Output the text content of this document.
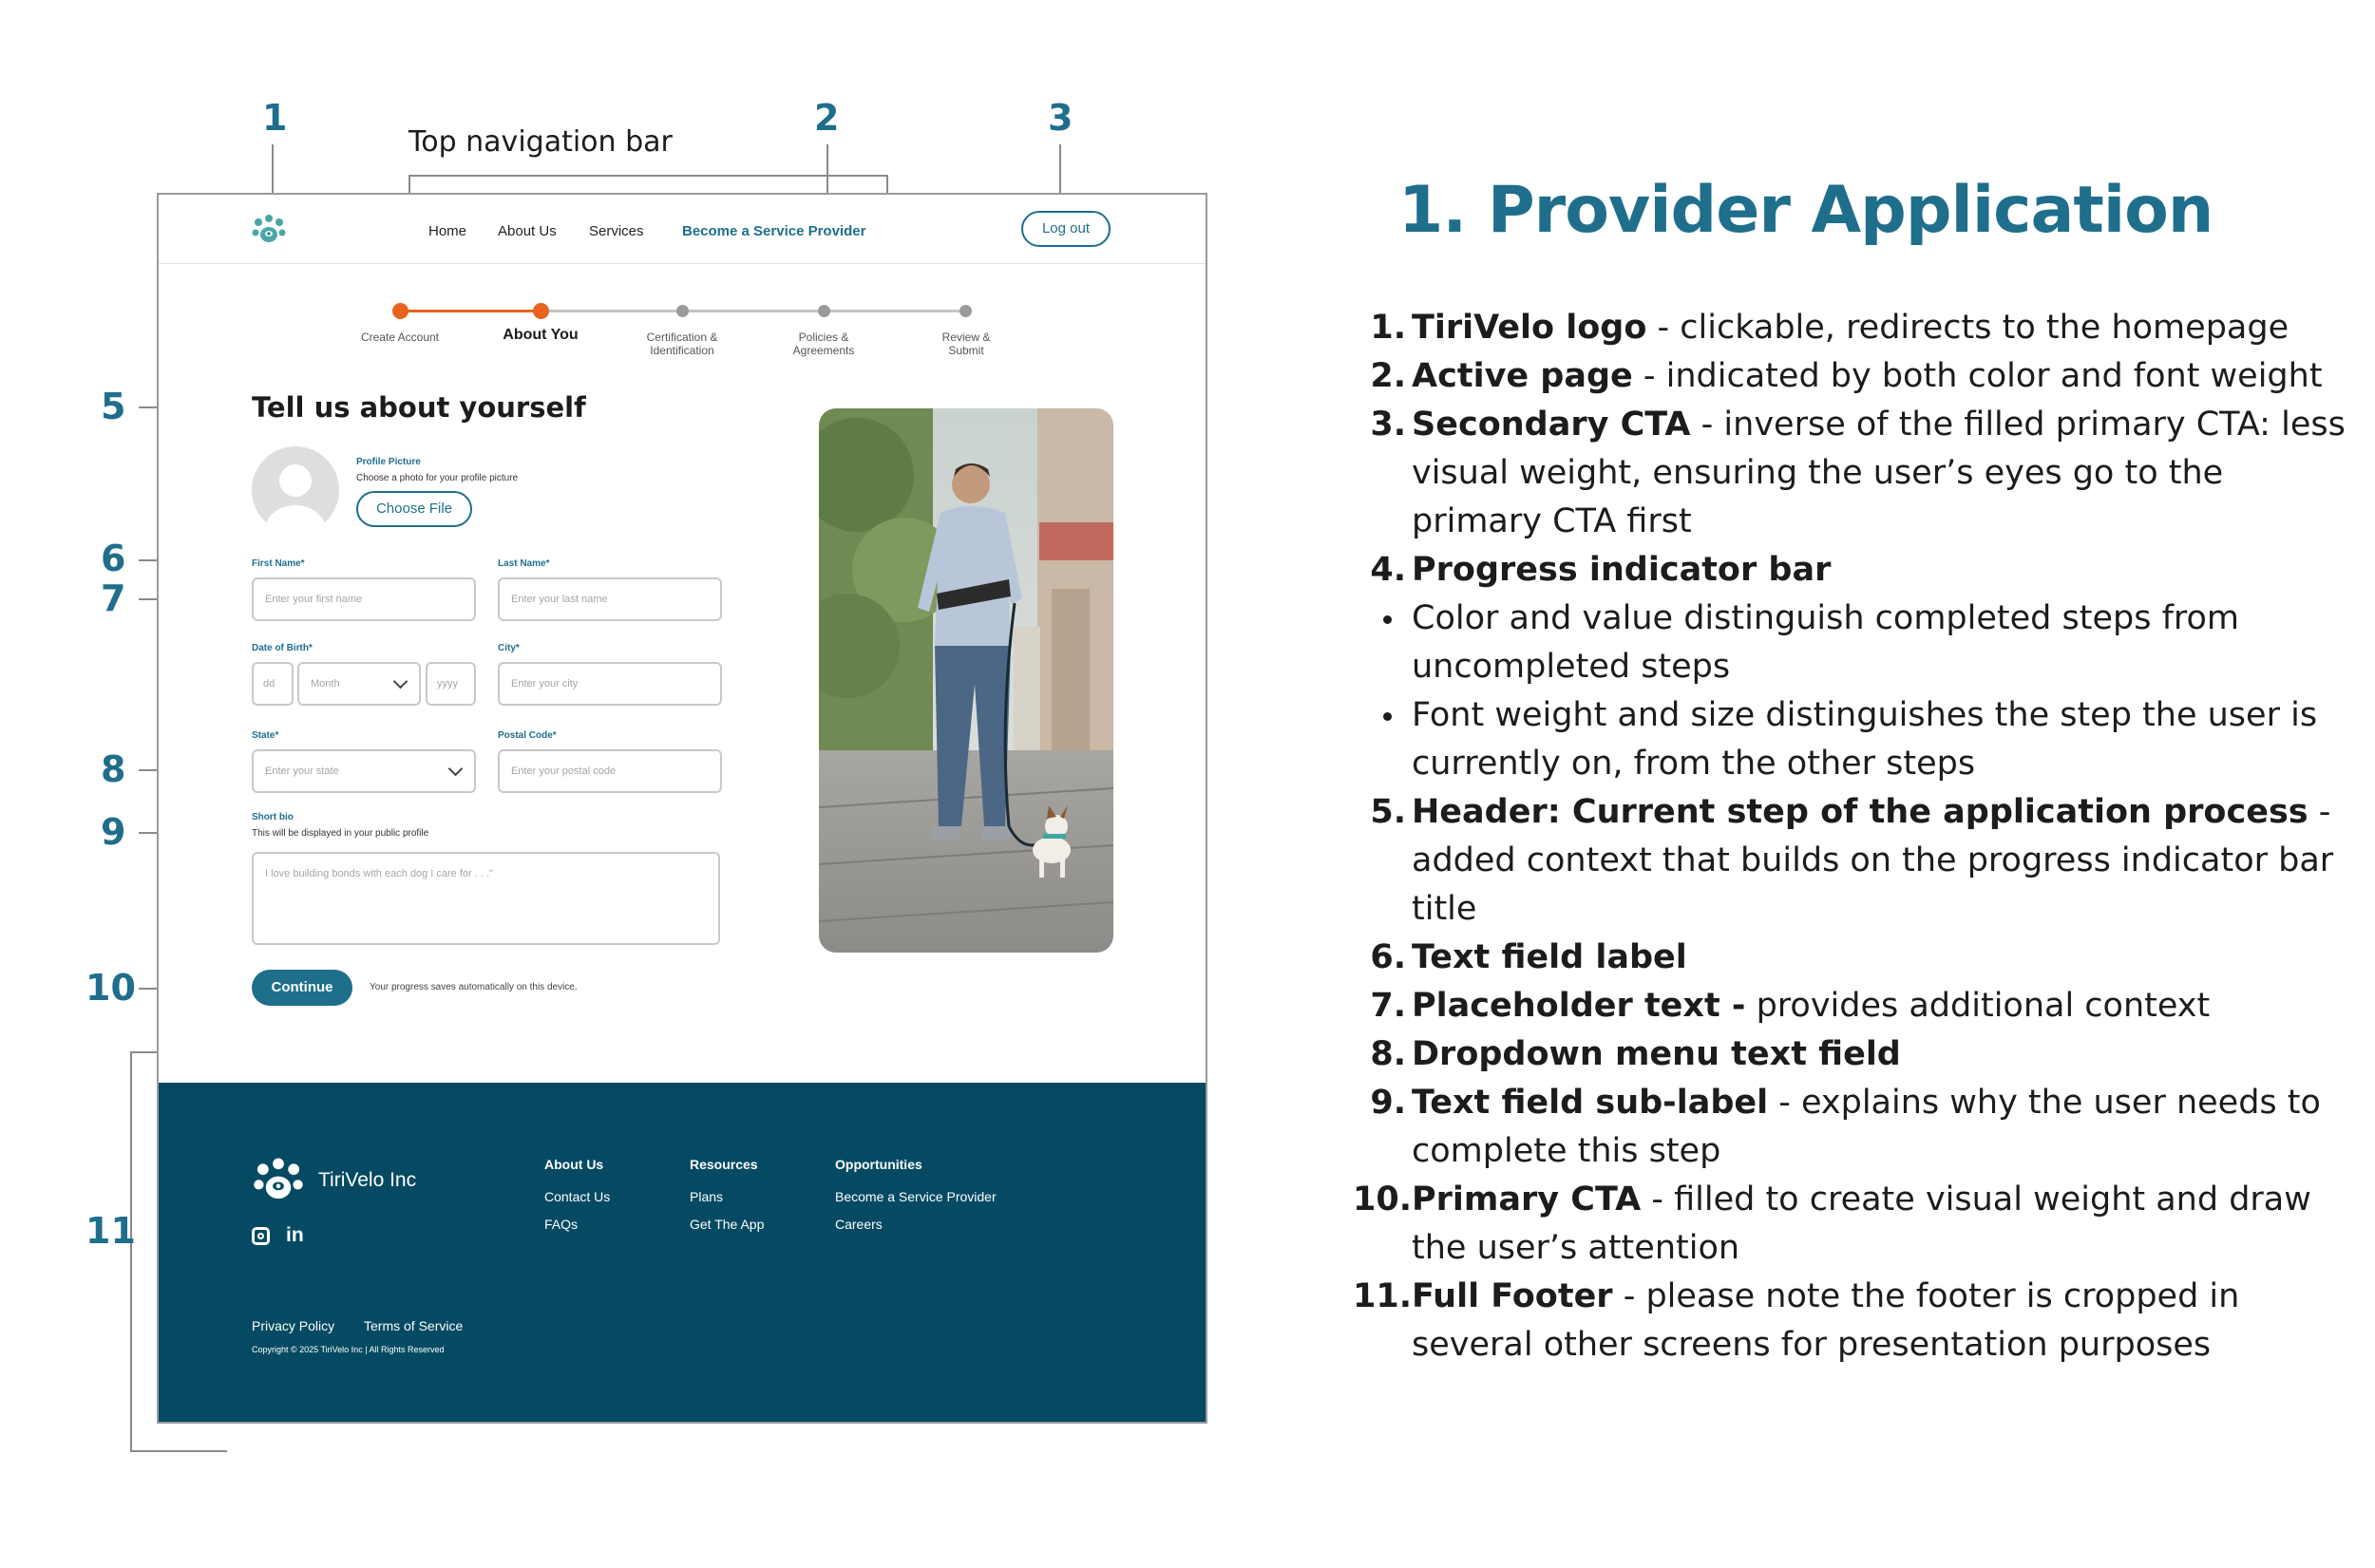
1
Top navigation bar
2	3
5
6
7
8
9
10
11
Home About Us Services	Become a Service Provider	Log out
Create Account	About You	Certification & Identification
Policies & Agreements
Review & Submit
Tell us about yourself
Profile Picture
Choose a photo for your profile picture
Choose File
First Name*
Enter your first name
Last Name*
Enter your last name
Date of Birth*
dd	Month	yyyy
City*
Enter your city
State*
Enter your state
Postal Code*
Enter your postal code
Short bio
This will be displayed in your public profile
I love building bonds with each dog I care for . . ."
Continue	Your progress saves automatically on this device.
TiriVelo Inc
in
About Us
Contact Us
FAQs
Resources
Plans
Get The App
Opportunities
Become a Service Provider
Careers
Privacy Policy Terms of Service
Copyright © 2025 TiriVelo Inc | All Rights Reserved
1. Provider Application
1. TiriVelo logo - clickable, redirects to the homepage
2. Active page - indicated by both color and font weight
3. Secondary CTA - inverse of the filled primary CTA: less visual weight, ensuring the user’s eyes go to the primary CTA first
4. Progress indicator bar
Color and value distinguish completed steps from uncompleted steps
Font weight and size distinguishes the step the user is currently on, from the other steps
5. Header: Current step of the application process - added context that builds on the progress indicator bar title
6. Text field label
7. Placeholder text - provides additional context
8. Dropdown menu text field
9. Text field sub-label - explains why the user needs to complete this step
10. Primary CTA - filled to create visual weight and draw the user’s attention
11. Full Footer - please note the footer is cropped in several other screens for presentation purposes
